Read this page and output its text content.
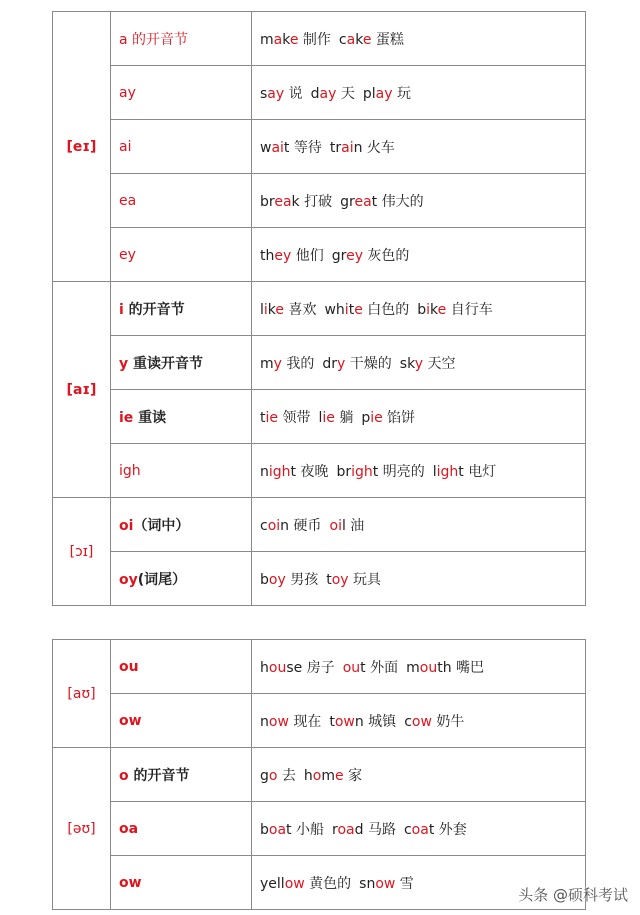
[eɪ]	a 的开音节	make 制作 cake 蛋糕
	ay	say 说 day 天 play 玩
	ai	wait 等待 train 火车
	ea	break 打破 great 伟大的
	ey	they 他们 grey 灰色的
[aɪ]	i 的开音节	like 喜欢 white 白色的 bike 自行车
	y 重读开音节	my 我的 dry 干燥的 sky 天空
	ie 重读	tie 领带 lie 躺 pie 馅饼
	igh	night 夜晚 bright 明亮的 light 电灯
[ɔɪ]	oi（词中）	coin 硬币 oil 油
	oy(词尾）	boy 男孩 toy 玩具
[aʊ]	ou	house 房子 out 外面 mouth 嘴巴
	ow	now 现在 town 城镇 cow 奶牛
[əʊ]	o 的开音节	go 去 home 家
	oa	boat 小船 road 马路 coat 外套
	ow	yellow 黄色的 snow 雪
头条 @硕科考试
